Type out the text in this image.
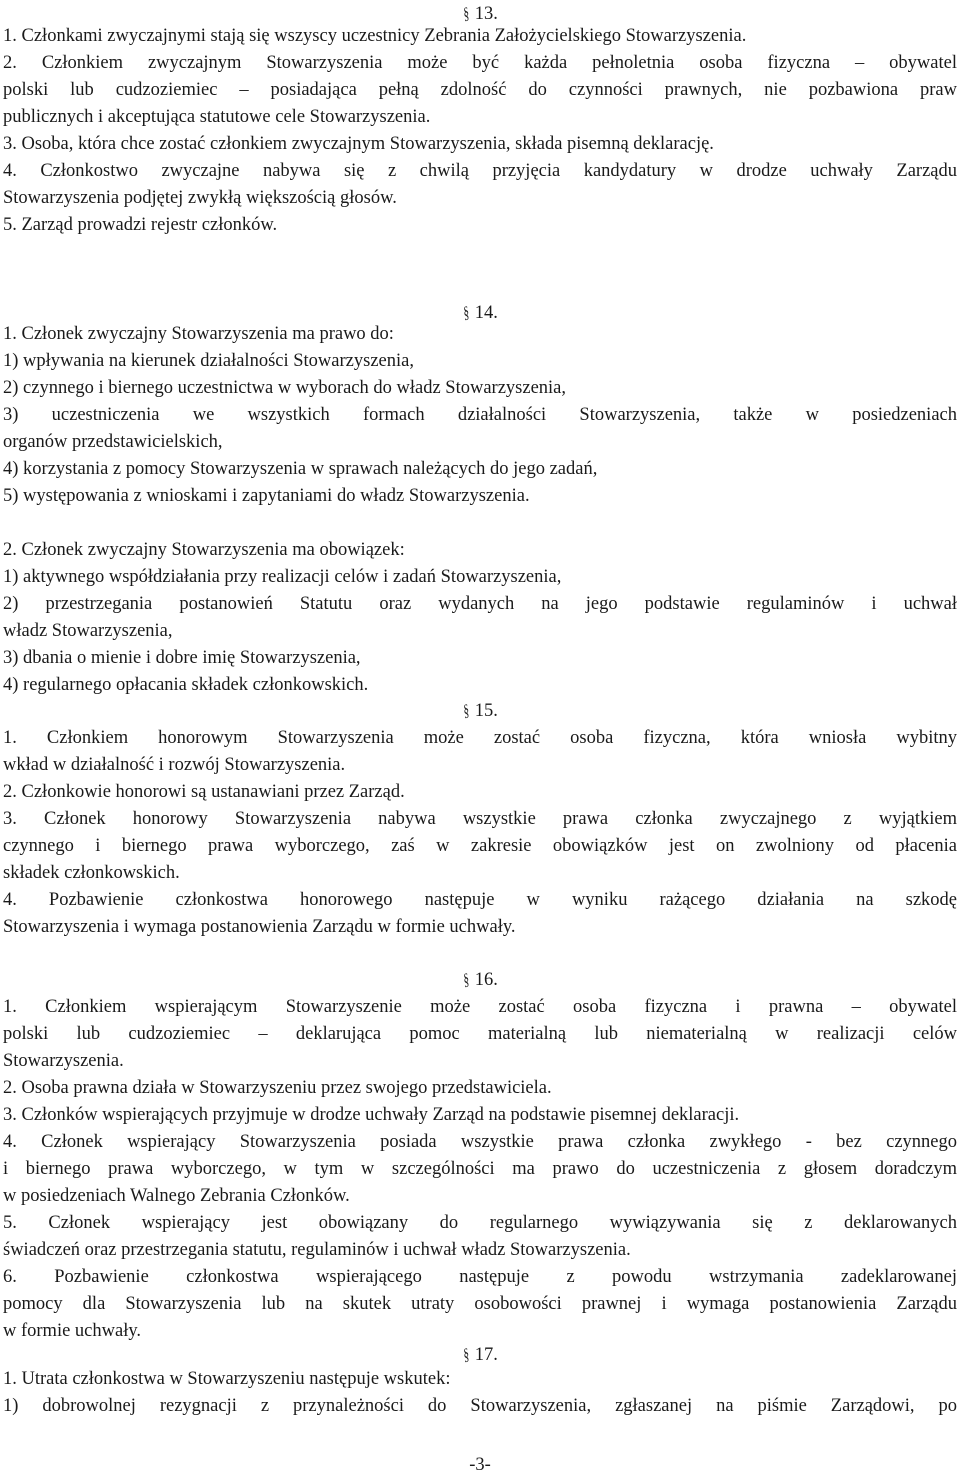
§ 13.
1. Członkami zwyczajnymi stają się wszyscy uczestnicy Zebrania Założycielskiego Stowarzyszenia.
2. Członkiem zwyczajnym Stowarzyszenia może być każda pełnoletnia osoba fizyczna – obywatel
polski lub cudzoziemiec – posiadająca pełną zdolność do czynności prawnych, nie pozbawiona praw
publicznych i akceptująca statutowe cele Stowarzyszenia.
3. Osoba, która chce zostać członkiem zwyczajnym Stowarzyszenia, składa pisemną deklarację.
4. Członkostwo zwyczajne nabywa się z chwilą przyjęcia kandydatury w drodze uchwały Zarządu
Stowarzyszenia podjętej zwykłą większością głosów.
5. Zarząd prowadzi rejestr członków.
§ 14.
1. Członek zwyczajny Stowarzyszenia ma prawo do:
1) wpływania na kierunek działalności Stowarzyszenia,
2) czynnego i biernego uczestnictwa w wyborach do władz Stowarzyszenia,
3) uczestniczenia we wszystkich formach działalności Stowarzyszenia, także w posiedzeniach
organów przedstawicielskich,
4) korzystania z pomocy Stowarzyszenia w sprawach należących do jego zadań,
5) występowania z wnioskami i zapytaniami do władz Stowarzyszenia.
2. Członek zwyczajny Stowarzyszenia ma obowiązek:
1) aktywnego współdziałania przy realizacji celów i zadań Stowarzyszenia,
2) przestrzegania postanowień Statutu oraz wydanych na jego podstawie regulaminów i uchwał
władz Stowarzyszenia,
3) dbania o mienie i dobre imię Stowarzyszenia,
4) regularnego opłacania składek członkowskich.
§ 15.
1. Członkiem honorowym Stowarzyszenia może zostać osoba fizyczna, która wniosła wybitny
wkład w działalność i rozwój Stowarzyszenia.
2. Członkowie honorowi są ustanawiani przez Zarząd.
3. Członek honorowy Stowarzyszenia nabywa wszystkie prawa członka zwyczajnego z wyjątkiem
czynnego i biernego prawa wyborczego, zaś w zakresie obowiązków jest on zwolniony od płacenia
składek członkowskich.
4. Pozbawienie członkostwa honorowego następuje w wyniku rażącego działania na szkodę
Stowarzyszenia i wymaga postanowienia Zarządu w formie uchwały.
§ 16.
1. Członkiem wspierającym Stowarzyszenie może zostać osoba fizyczna i prawna – obywatel
polski lub cudzoziemiec – deklarująca pomoc materialną lub niematerialną w realizacji celów
Stowarzyszenia.
2. Osoba prawna działa w Stowarzyszeniu przez swojego przedstawiciela.
3. Członków wspierających przyjmuje w drodze uchwały Zarząd na podstawie pisemnej deklaracji.
4. Członek wspierający Stowarzyszenia posiada wszystkie prawa członka zwykłego - bez czynnego
i biernego prawa wyborczego, w tym w szczególności ma prawo do uczestniczenia z głosem doradczym
w posiedzeniach Walnego Zebrania Członków.
5. Członek wspierający jest obowiązany do regularnego wywiązywania się z deklarowanych
świadczeń oraz przestrzegania statutu, regulaminów i uchwał władz Stowarzyszenia.
6. Pozbawienie członkostwa wspierającego następuje z powodu wstrzymania zadeklarowanej
pomocy dla Stowarzyszenia lub na skutek utraty osobowości prawnej i wymaga postanowienia Zarządu
w formie uchwały.
§ 17.
1. Utrata członkostwa w Stowarzyszeniu następuje wskutek:
1) dobrowolnej rezygnacji z przynależności do Stowarzyszenia, zgłaszanej na piśmie Zarządowi, po
-3-
